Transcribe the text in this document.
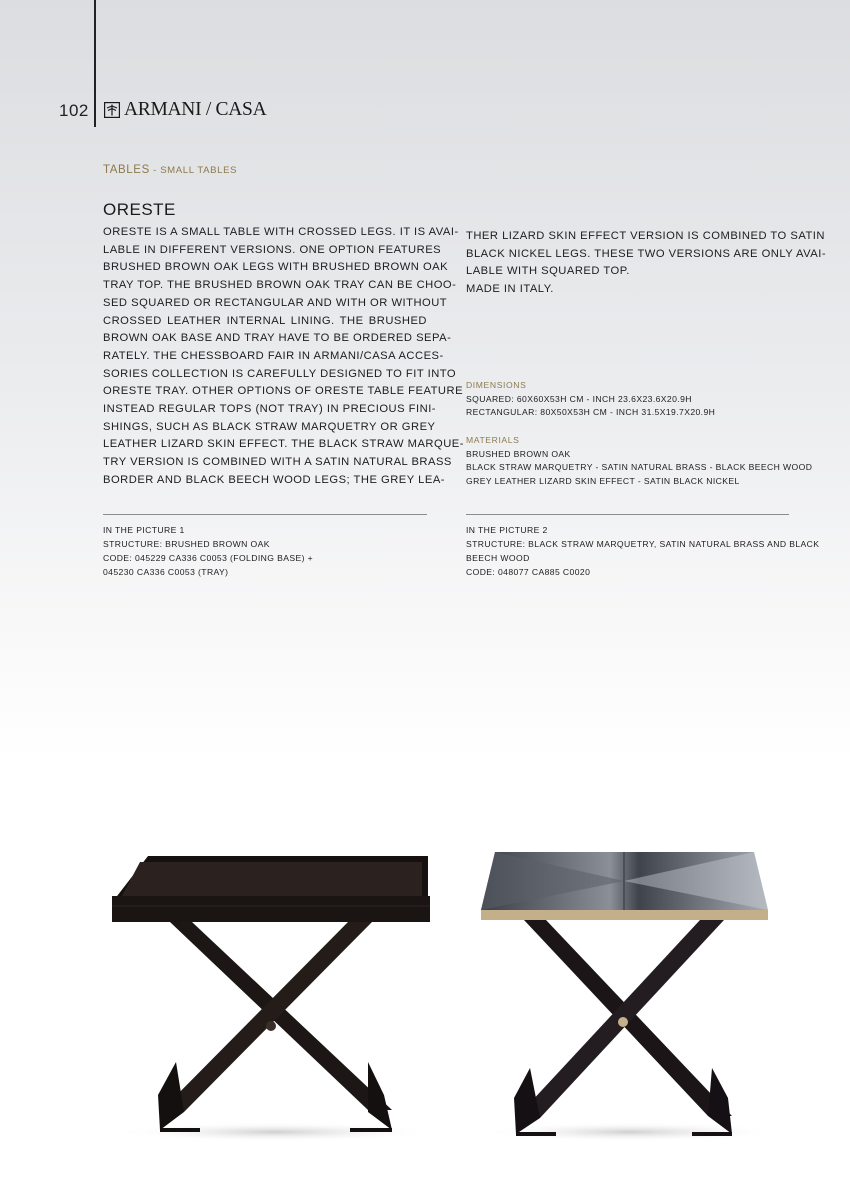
102 ARMANI / CASA
TABLES - SMALL TABLES
ORESTE
ORESTE IS A SMALL TABLE WITH CROSSED LEGS. IT IS AVAI-
LABLE IN DIFFERENT VERSIONS. ONE OPTION FEATURES
BRUSHED BROWN OAK LEGS WITH BRUSHED BROWN OAK
TRAY TOP. THE BRUSHED BROWN OAK TRAY CAN BE CHOO-
SED SQUARED OR RECTANGULAR AND WITH OR WITHOUT
CROSSED LEATHER INTERNAL LINING. THE BRUSHED
BROWN OAK BASE AND TRAY HAVE TO BE ORDERED SEPA-
RATELY. THE CHESSBOARD FAIR IN ARMANI/CASA ACCES-
SORIES COLLECTION IS CAREFULLY DESIGNED TO FIT INTO
ORESTE TRAY. OTHER OPTIONS OF ORESTE TABLE FEATURE
INSTEAD REGULAR TOPS (NOT TRAY) IN PRECIOUS FINI-
SHINGS, SUCH AS BLACK STRAW MARQUETRY OR GREY
LEATHER LIZARD SKIN EFFECT. THE BLACK STRAW MARQUE-
TRY VERSION IS COMBINED WITH A SATIN NATURAL BRASS
BORDER AND BLACK BEECH WOOD LEGS; THE GREY LEA-
THER LIZARD SKIN EFFECT VERSION IS COMBINED TO SATIN
BLACK NICKEL LEGS. THESE TWO VERSIONS ARE ONLY AVAI-
LABLE WITH SQUARED TOP.
MADE IN ITALY.
DIMENSIONS
SQUARED: 60X60X53H CM - INCH 23.6X23.6X20.9H
RECTANGULAR: 80X50X53H CM - INCH 31.5X19.7X20.9H
MATERIALS
BRUSHED BROWN OAK
BLACK STRAW MARQUETRY - SATIN NATURAL BRASS - BLACK BEECH WOOD
GREY LEATHER LIZARD SKIN EFFECT - SATIN BLACK NICKEL
IN THE PICTURE 1
STRUCTURE: BRUSHED BROWN OAK
CODE: 045229 CA336 C0053 (FOLDING BASE) +
045230 CA336 C0053 (TRAY)
IN THE PICTURE 2
STRUCTURE: BLACK STRAW MARQUETRY, SATIN NATURAL BRASS AND BLACK
BEECH WOOD
CODE: 048077 CA885 C0020
